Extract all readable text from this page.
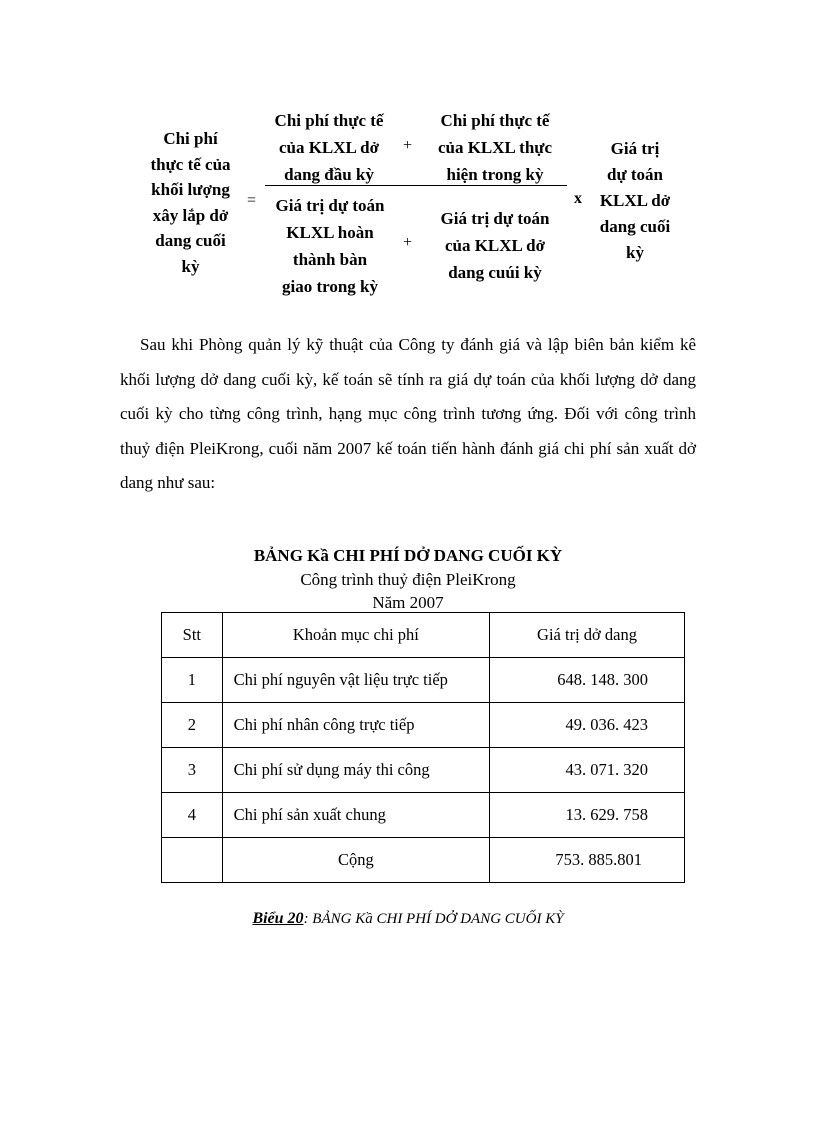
Chi phí
thực tế của
khối lượng
xây lắp dở
dang cuối
kỳ
=
Chi phí thực tế
của KLXL dở
dang đầu kỳ
+
Chi phí thực tế
của KLXL thực
hiện trong kỳ
Giá trị dự toán
KLXL hoàn
thành bàn
giao trong kỳ
+
Giá trị dự toán
của KLXL dở
dang cuúi kỳ
x
Giá trị
dự toán
KLXL dở
dang cuối
kỳ

Sau khi Phòng quản lý kỹ thuật của Công ty đánh giá và lập biên bản kiểm kê khối lượng dở dang cuối kỳ, kế toán sẽ tính ra giá dự toán của khối lượng dở dang cuối kỳ cho từng công trình, hạng mục công trình tương ứng. Đối với công trình thuỷ điện PleiKrong, cuối năm 2007 kế toán tiến hành đánh giá chi phí sản xuất dở dang như sau:

BẢNG Kầ CHI PHÍ DỞ DANG CUỐI KỲ
Công trình thuỷ điện PleiKrong
Năm 2007
Stt	Khoản mục chi phí	Giá trị dở dang
1	Chi phí nguyên vật liệu trực tiếp	648. 148. 300
2	Chi phí nhân công trực tiếp	49. 036. 423
3	Chi phí sử dụng máy thi công	43. 071. 320
4	Chi phí sản xuất chung	13. 629. 758
	Cộng	753. 885.801
Biểu 20: BẢNG Kầ CHI PHÍ DỞ DANG CUỐI KỲ
